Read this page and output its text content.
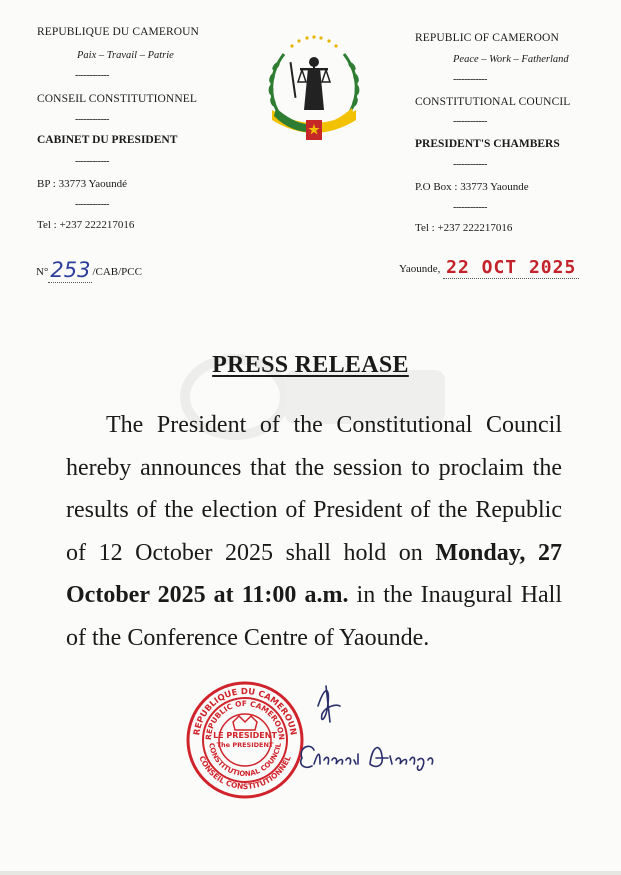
REPUBLIQUE DU CAMEROUN
Paix – Travail – Patrie
------------
CONSEIL CONSTITUTIONNEL
------------
CABINET DU PRESIDENT
------------
BP : 33773 Yaoundé
------------
Tel : +237 222217016
REPUBLIC OF CAMEROON
Peace – Work – Fatherland
------------
CONSTITUTIONAL COUNCIL
------------
PRESIDENT'S CHAMBERS
------------
P.O Box : 33773 Yaounde
------------
Tel : +237 222217016
N°253 /CAB/PCC	Yaounde, 22 OCT 2025
PRESS RELEASE
The President of the Constitutional Council
hereby announces that the session to proclaim the
results of the election of President of the Republic
of 12 October 2025 shall hold on Monday, 27
October 2025 at 11:00 a.m. in the Inaugural Hall
of the Conference Centre of Yaounde.
REPUBLIQUE DU CAMEROUN
REPUBLIC OF CAMEROON
CONSTITUTIONAL COUNCIL
CONSEIL CONSTITUTIONNEL
LE PRESIDENT
The PRESIDENT
